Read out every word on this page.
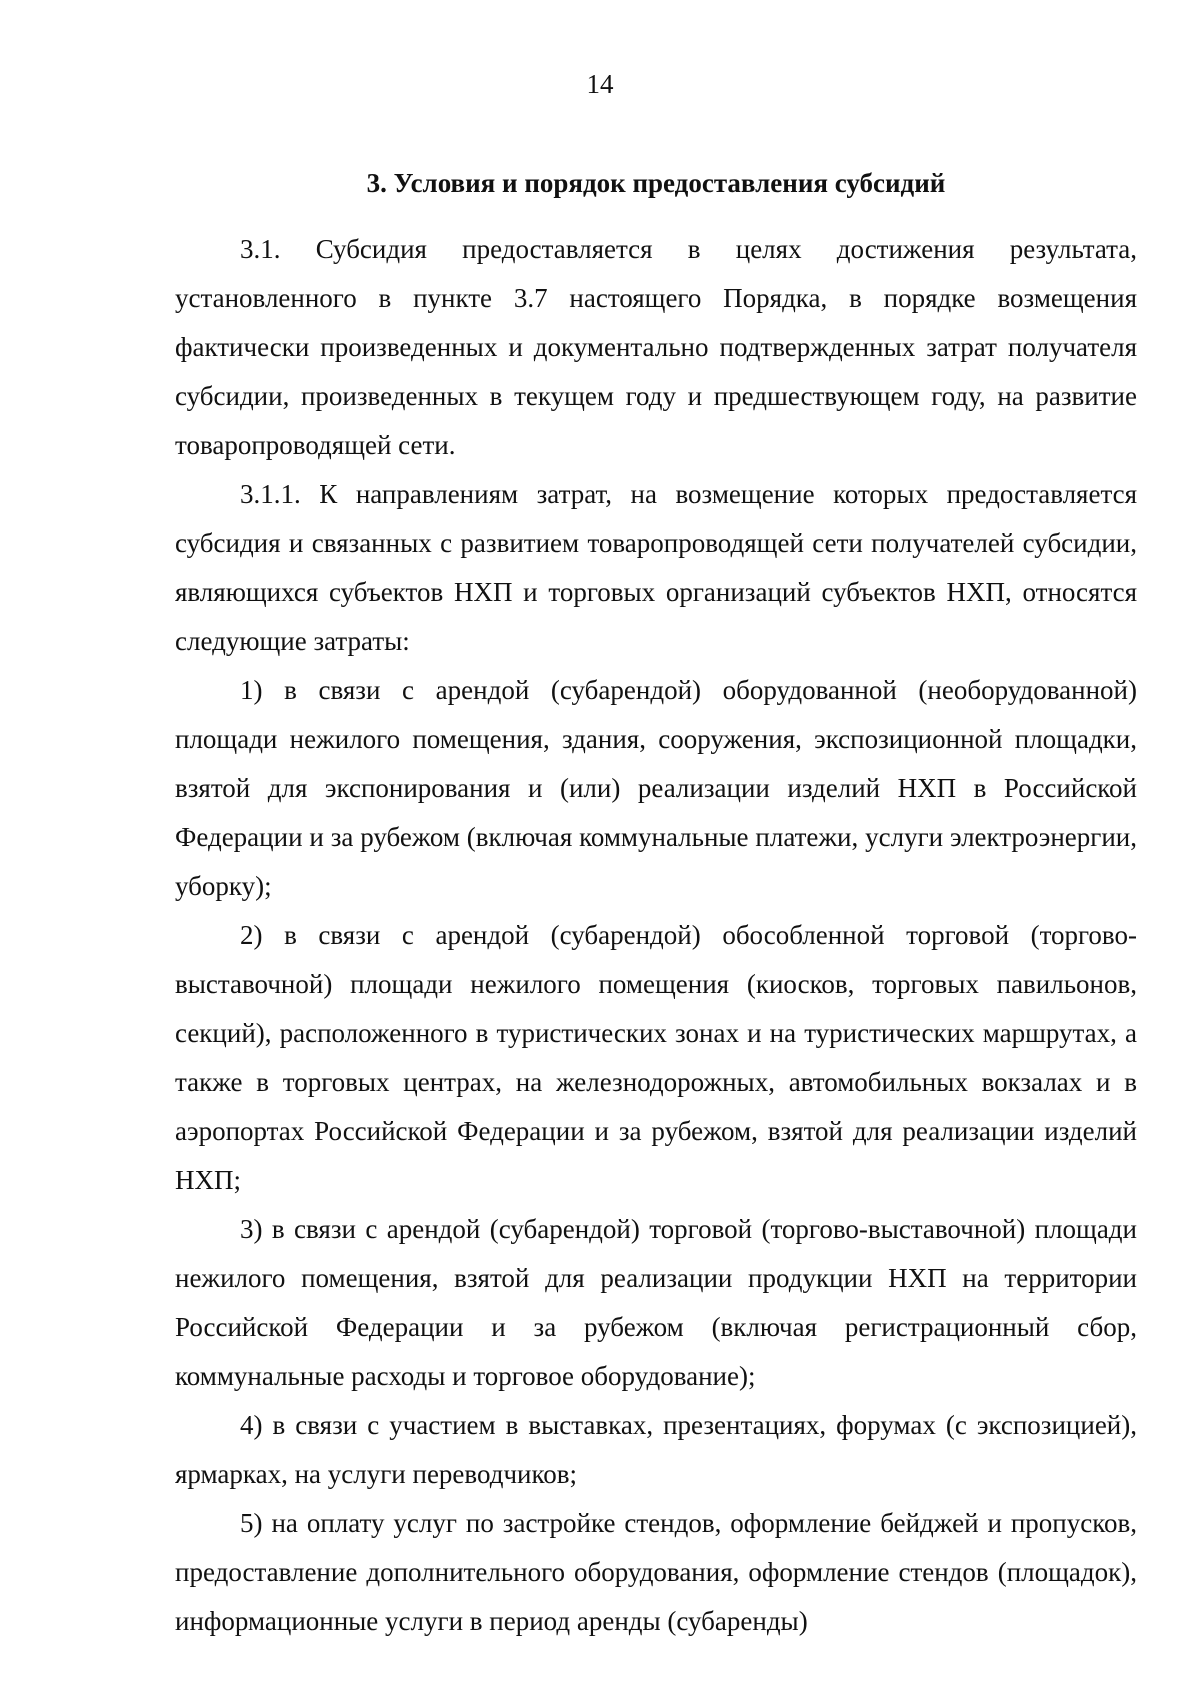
14
3. Условия и порядок предоставления субсидий

3.1. Субсидия предоставляется в целях достижения результата, установленного в пункте 3.7 настоящего Порядка, в порядке возмещения фактически произведенных и документально подтвержденных затрат получателя субсидии, произведенных в текущем году и предшествующем году, на развитие товаропроводящей сети.

3.1.1. К направлениям затрат, на возмещение которых предоставляется субсидия и связанных с развитием товаропроводящей сети получателей субсидии, являющихся субъектов НХП и торговых организаций субъектов НХП, относятся следующие затраты:

1) в связи с арендой (субарендой) оборудованной (необорудованной) площади нежилого помещения, здания, сооружения, экспозиционной площадки, взятой для экспонирования и (или) реализации изделий НХП в Российской Федерации и за рубежом (включая коммунальные платежи, услуги электроэнергии, уборку);

2) в связи с арендой (субарендой) обособленной торговой (торгово-выставочной) площади нежилого помещения (киосков, торговых павильонов, секций), расположенного в туристических зонах и на туристических маршрутах, а также в торговых центрах, на железнодорожных, автомобильных вокзалах и в аэропортах Российской Федерации и за рубежом, взятой для реализации изделий НХП;

3) в связи с арендой (субарендой) торговой (торгово-выставочной) площади нежилого помещения, взятой для реализации продукции НХП на территории Российской Федерации и за рубежом (включая регистрационный сбор, коммунальные расходы и торговое оборудование);

4) в связи с участием в выставках, презентациях, форумах (с экспозицией), ярмарках, на услуги переводчиков;

5) на оплату услуг по застройке стендов, оформление бейджей и пропусков, предоставление дополнительного оборудования, оформление стендов (площадок), информационные услуги в период аренды (субаренды)
